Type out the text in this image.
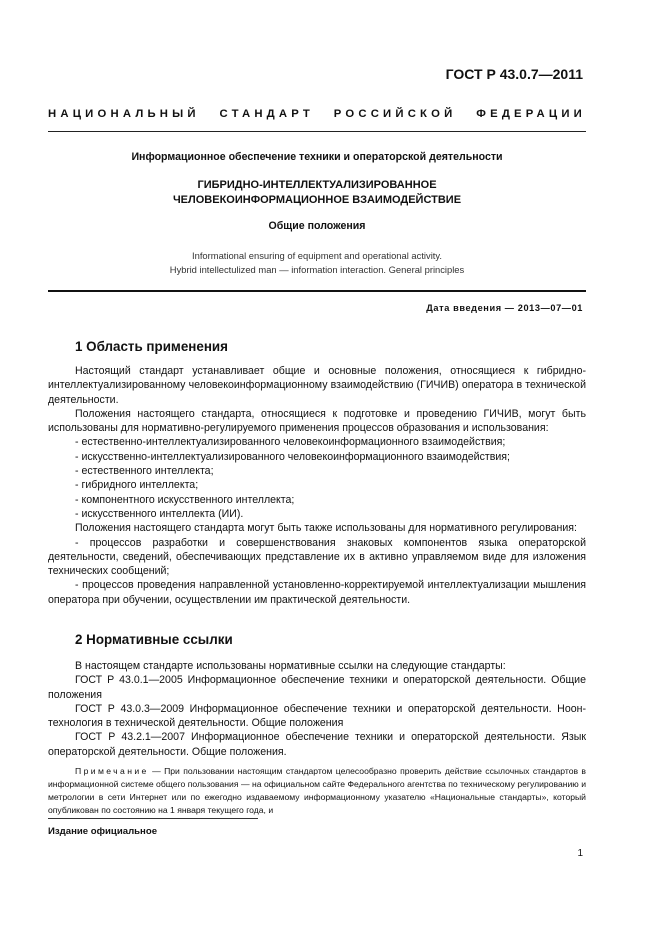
ГОСТ Р 43.0.7—2011
НАЦИОНАЛЬНЫЙ СТАНДАРТ РОССИЙСКОЙ ФЕДЕРАЦИИ
Информационное обеспечение техники и операторской деятельности
ГИБРИДНО-ИНТЕЛЛЕКТУАЛИЗИРОВАННОЕ
ЧЕЛОВЕКОИНФОРМАЦИОННОЕ ВЗАИМОДЕЙСТВИЕ
Общие положения
Informational ensuring of equipment and operational activity.
Hybrid intellectulized man — information interaction. General principles
Дата введения — 2013—07—01
1 Область применения

Настоящий стандарт устанавливает общие и основные положения, относящиеся к гибридно-интеллектуализированному человекоинформационному взаимодействию (ГИЧИВ) оператора в технической деятельности.

Положения настоящего стандарта, относящиеся к подготовке и проведению ГИЧИВ, могут быть использованы для нормативно-регулируемого применения процессов образования и использования:

- естественно-интеллектуализированного человекоинформационного взаимодействия;

- искусственно-интеллектуализированного человекоинформационного взаимодействия;

- естественного интеллекта;

- гибридного интеллекта;

- компонентного искусственного интеллекта;

- искусственного интеллекта (ИИ).

Положения настоящего стандарта могут быть также использованы для нормативного регулирования:

- процессов разработки и совершенствования знаковых компонентов языка операторской деятельности, сведений, обеспечивающих представление их в активно управляемом виде для изложения технических сообщений;

- процессов проведения направленной установленно-корректируемой интеллектуализации мышления оператора при обучении, осуществлении им практической деятельности.

2 Нормативные ссылки

В настоящем стандарте использованы нормативные ссылки на следующие стандарты:

ГОСТ Р 43.0.1—2005 Информационное обеспечение техники и операторской деятельности. Общие положения

ГОСТ Р 43.0.3—2009 Информационное обеспечение техники и операторской деятельности. Ноон-технология в технической деятельности. Общие положения

ГОСТ Р 43.2.1—2007 Информационное обеспечение техники и операторской деятельности. Язык операторской деятельности. Общие положения.

Примечание — При пользовании настоящим стандартом целесообразно проверить действие ссылочных стандартов в информационной системе общего пользования — на официальном сайте Федерального агентства по техническому регулированию и метрологии в сети Интернет или по ежегодно издаваемому информационному указателю «Национальные стандарты», который опубликован по состоянию на 1 января текущего года, и

Издание официальное
1
